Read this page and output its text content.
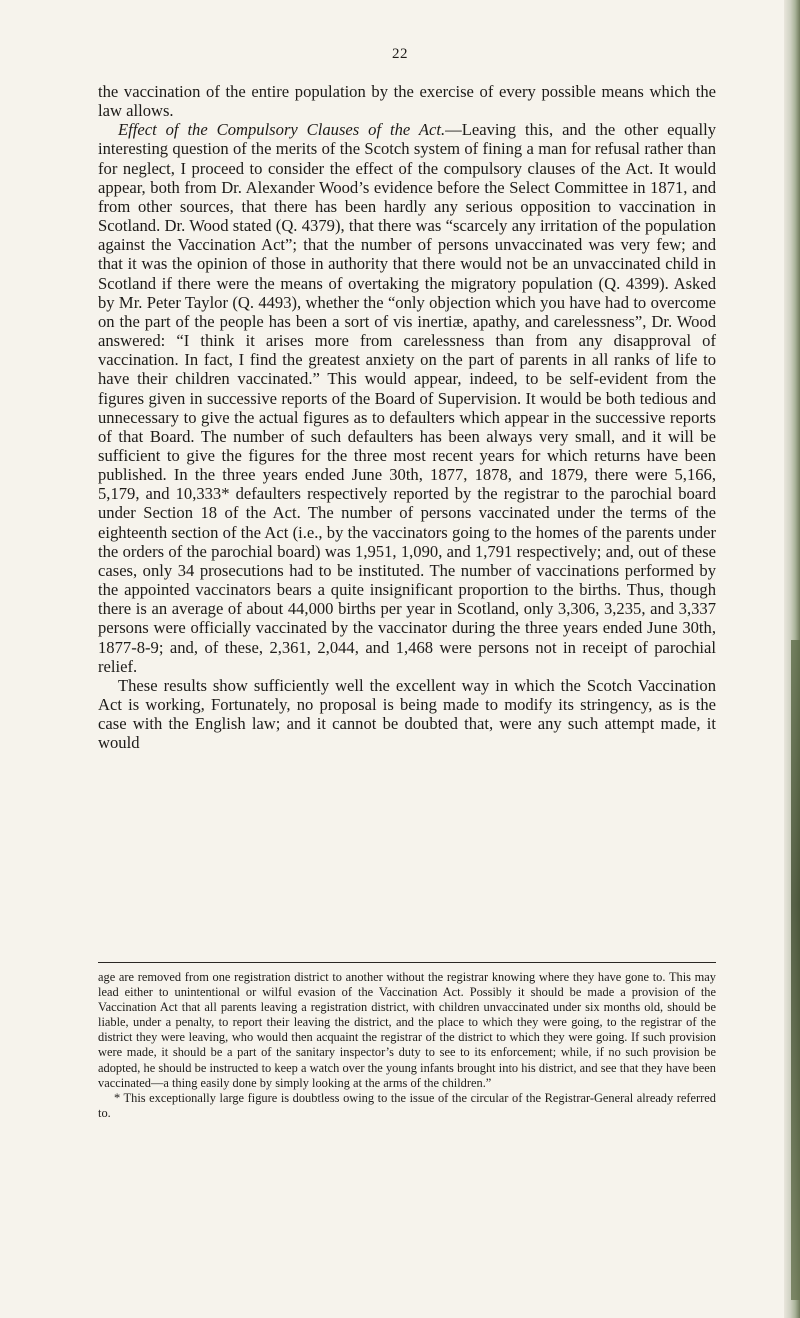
22

the vaccination of the entire population by the exercise of every possible means which the law allows.

Effect of the Compulsory Clauses of the Act.—Leaving this, and the other equally interesting question of the merits of the Scotch system of fining a man for refusal rather than for neglect, I proceed to consider the effect of the compulsory clauses of the Act. It would appear, both from Dr. Alexander Wood’s evidence before the Select Committee in 1871, and from other sources, that there has been hardly any serious opposition to vaccination in Scotland. Dr. Wood stated (Q. 4379), that there was “scarcely any irritation of the population against the Vaccination Act”; that the number of persons unvaccinated was very few; and that it was the opinion of those in authority that there would not be an unvaccinated child in Scotland if there were the means of overtaking the migratory population (Q. 4399). Asked by Mr. Peter Taylor (Q. 4493), whether the “only objection which you have had to overcome on the part of the people has been a sort of vis inertiæ, apathy, and carelessness”, Dr. Wood answered: “I think it arises more from carelessness than from any disapproval of vaccination. In fact, I find the greatest anxiety on the part of parents in all ranks of life to have their children vaccinated.” This would appear, indeed, to be self-evident from the figures given in successive reports of the Board of Supervision. It would be both tedious and unnecessary to give the actual figures as to defaulters which appear in the successive reports of that Board. The number of such defaulters has been always very small, and it will be sufficient to give the figures for the three most recent years for which returns have been published. In the three years ended June 30th, 1877, 1878, and 1879, there were 5,166, 5,179, and 10,333* defaulters respectively reported by the registrar to the parochial board under Section 18 of the Act. The number of persons vaccinated under the terms of the eighteenth section of the Act (i.e., by the vaccinators going to the homes of the parents under the orders of the parochial board) was 1,951, 1,090, and 1,791 respectively; and, out of these cases, only 34 prosecutions had to be instituted. The number of vaccinations performed by the appointed vaccinators bears a quite insignificant proportion to the births. Thus, though there is an average of about 44,000 births per year in Scotland, only 3,306, 3,235, and 3,337 persons were officially vaccinated by the vaccinator during the three years ended June 30th, 1877-8-9; and, of these, 2,361, 2,044, and 1,468 were persons not in receipt of parochial relief.

These results show sufficiently well the excellent way in which the Scotch Vaccination Act is working, Fortunately, no proposal is being made to modify its stringency, as is the case with the English law; and it cannot be doubted that, were any such attempt made, it would

age are removed from one registration district to another without the registrar knowing where they have gone to. This may lead either to unintentional or wilful evasion of the Vaccination Act. Possibly it should be made a provision of the Vaccination Act that all parents leaving a registration district, with children unvaccinated under six months old, should be liable, under a penalty, to report their leaving the district, and the place to which they were going, to the registrar of the district they were leaving, who would then acquaint the registrar of the district to which they were going. If such provision were made, it should be a part of the sanitary inspector’s duty to see to its enforcement; while, if no such provision be adopted, he should be instructed to keep a watch over the young infants brought into his district, and see that they have been vaccinated—a thing easily done by simply looking at the arms of the children.”

* This exceptionally large figure is doubtless owing to the issue of the circular of the Registrar-General already referred to.
